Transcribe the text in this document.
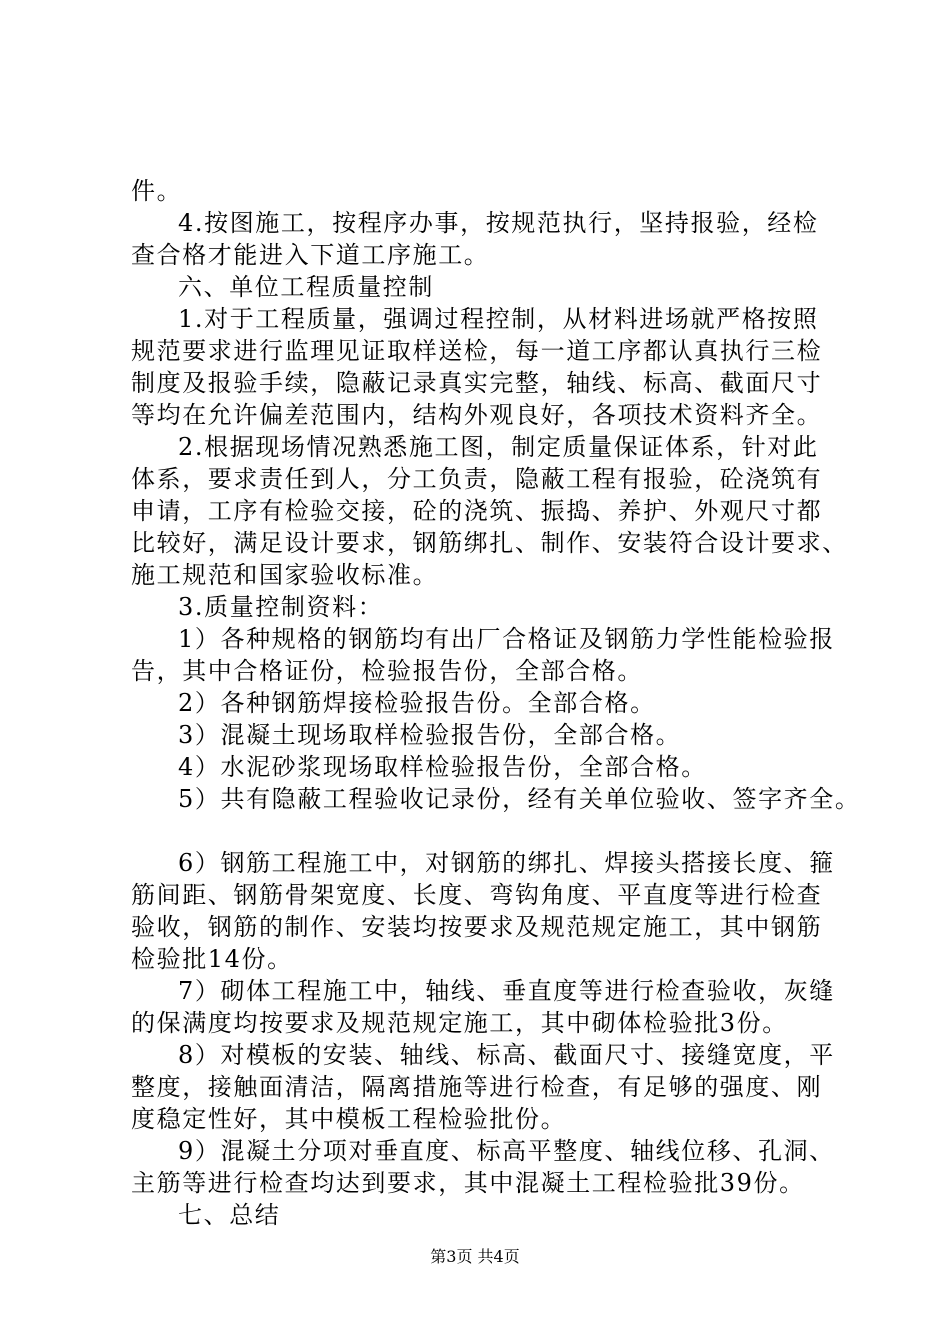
件。
4.按图施工，按程序办事，按规范执行，坚持报验，经检
查合格才能进入下道工序施工。
六、单位工程质量控制
1.对于工程质量，强调过程控制，从材料进场就严格按照
规范要求进行监理见证取样送检，每一道工序都认真执行三检
制度及报验手续，隐蔽记录真实完整，轴线、标高、截面尺寸
等均在允许偏差范围内，结构外观良好，各项技术资料齐全。
2.根据现场情况熟悉施工图，制定质量保证体系，针对此
体系，要求责任到人，分工负责，隐蔽工程有报验，砼浇筑有
申请，工序有检验交接，砼的浇筑、振捣、养护、外观尺寸都
比较好，满足设计要求，钢筋绑扎、制作、安装符合设计要求、
施工规范和国家验收标准。
3.质量控制资料：
1）各种规格的钢筋均有出厂合格证及钢筋力学性能检验报
告，其中合格证份，检验报告份，全部合格。
2）各种钢筋焊接检验报告份。全部合格。
3）混凝土现场取样检验报告份，全部合格。
4）水泥砂浆现场取样检验报告份，全部合格。
5）共有隐蔽工程验收记录份，经有关单位验收、签字齐全。
6）钢筋工程施工中，对钢筋的绑扎、焊接头搭接长度、箍
筋间距、钢筋骨架宽度、长度、弯钩角度、平直度等进行检查
验收，钢筋的制作、安装均按要求及规范规定施工，其中钢筋
检验批14份。
7）砌体工程施工中，轴线、垂直度等进行检查验收，灰缝
的保满度均按要求及规范规定施工，其中砌体检验批3份。
8）对模板的安装、轴线、标高、截面尺寸、接缝宽度，平
整度，接触面清洁，隔离措施等进行检查，有足够的强度、刚
度稳定性好，其中模板工程检验批份。
9）混凝土分项对垂直度、标高平整度、轴线位移、孔洞、
主筋等进行检查均达到要求，其中混凝土工程检验批39份。
七、总结
第3页 共4页
